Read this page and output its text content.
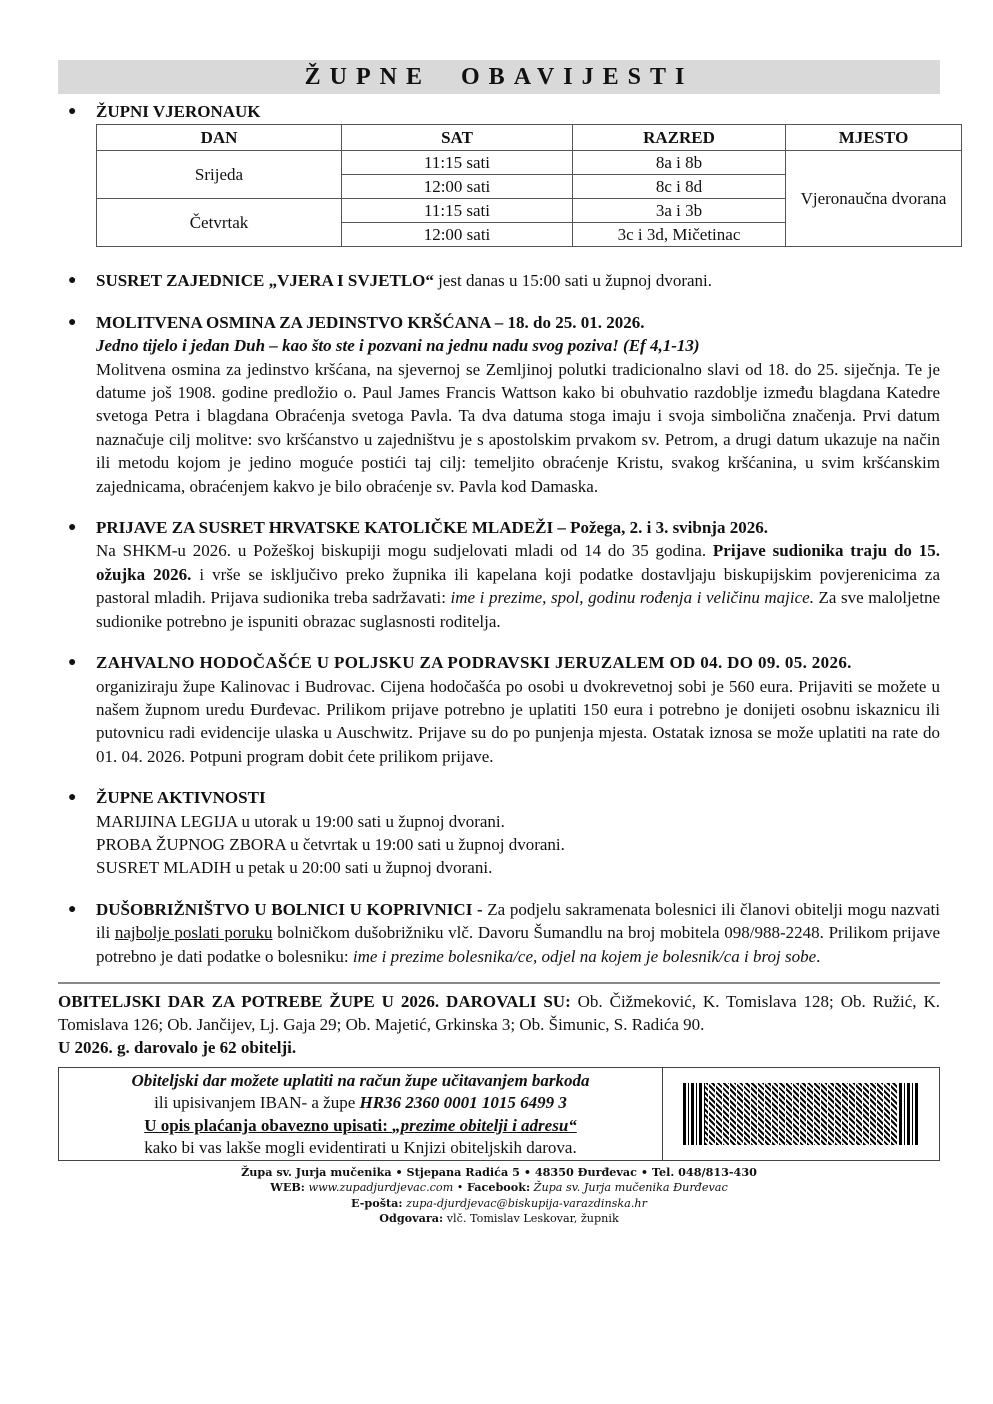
ŽUPNE OBAVIJESTI
● ŽUPNI VJERONAUK
DAN	SAT	RAZRED	MJESTO
Srijeda	11:15 sati	8a i 8b	Vjeronaučna dvorana
	12:00 sati	8c i 8d	
Četvrtak	11:15 sati	3a i 3b	
	12:00 sati	3c i 3d, Mičetinac	
● SUSRET ZAJEDNICE „VJERA I SVJETLO“ jest danas u 15:00 sati u župnoj dvorani.
● MOLITVENA OSMINA ZA JEDINSTVO KRŠĆANA – 18. do 25. 01. 2026.
Jedno tijelo i jedan Duh – kao što ste i pozvani na jednu nadu svog poziva! (Ef 4,1-13)
Molitvena osmina za jedinstvo kršćana, na sjevernoj se Zemljinoj polutki tradicionalno slavi od 18. do 25. siječnja. Te je datume još 1908. godine predložio o. Paul James Francis Wattson kako bi obuhvatio razdoblje između blagdana Katedre svetoga Petra i blagdana Obraćenja svetoga Pavla. Ta dva datuma stoga imaju i svoja simbolična značenja. Prvi datum naznačuje cilj molitve: svo kršćanstvo u zajedništvu je s apostolskim prvakom sv. Petrom, a drugi datum ukazuje na način ili metodu kojom je jedino moguće postići taj cilj: temeljito obraćenje Kristu, svakog kršćanina, u svim kršćanskim zajednicama, obraćenjem kakvo je bilo obraćenje sv. Pavla kod Damaska.
● PRIJAVE ZA SUSRET HRVATSKE KATOLIČKE MLADEŽI – Požega, 2. i 3. svibnja 2026.
Na SHKM-u 2026. u Požeškoj biskupiji mogu sudjelovati mladi od 14 do 35 godina. Prijave sudionika traju do 15. ožujka 2026. i vrše se isključivo preko župnika ili kapelana koji podatke dostavljaju biskupijskim povjerenicima za pastoral mladih. Prijava sudionika treba sadržavati: ime i prezime, spol, godinu rođenja i veličinu majice. Za sve maloljetne sudionike potrebno je ispuniti obrazac suglasnosti roditelja.
● ZAHVALNO HODOČAŠĆE U POLJSKU ZA PODRAVSKI JERUZALEM OD 04. DO 09. 05. 2026.
organiziraju župe Kalinovac i Budrovac. Cijena hodočašća po osobi u dvokrevetnoj sobi je 560 eura. Prijaviti se možete u našem župnom uredu Đurđevac. Prilikom prijave potrebno je uplatiti 150 eura i potrebno je donijeti osobnu iskaznicu ili putovnicu radi evidencije ulaska u Auschwitz. Prijave su do po punjenja mjesta. Ostatak iznosa se može uplatiti na rate do 01. 04. 2026. Potpuni program dobit ćete prilikom prijave.
● ŽUPNE AKTIVNOSTI
MARIJINA LEGIJA u utorak u 19:00 sati u župnoj dvorani.
PROBA ŽUPNOG ZBORA u četvrtak u 19:00 sati u župnoj dvorani.
SUSRET MLADIH u petak u 20:00 sati u župnoj dvorani.
● DUŠOBRIŽNIŠTVO U BOLNICI U KOPRIVNICI - Za podjelu sakramenata bolesnici ili članovi obitelji mogu nazvati ili najbolje poslati poruku bolničkom dušobrižniku vlč. Davoru Šumandlu na broj mobitela 098/988-2248. Prilikom prijave potrebno je dati podatke o bolesniku: ime i prezime bolesnika/ce, odjel na kojem je bolesnik/ca i broj sobe.
OBITELJSKI DAR ZA POTREBE ŽUPE U 2026. DAROVALI SU: Ob. Čižmeković, K. Tomislava 128; Ob. Ružić, K. Tomislava 126; Ob. Jančijev, Lj. Gaja 29; Ob. Majetić, Grkinska 3; Ob. Šimunic, S. Radića 90.
U 2026. g. darovalo je 62 obitelji.
Obiteljski dar možete uplatiti na račun župe učitavanjem barkoda
ili upisivanjem IBAN- a župe HR36 2360 0001 1015 6499 3
U opis plaćanja obavezno upisati: „prezime obitelji i adresu“
kako bi vas lakše mogli evidentirati u Knjizi obiteljskih darova.
Župa sv. Jurja mučenika • Stjepana Radića 5 • 48350 Đurđevac • Tel. 048/813-430
WEB: www.zupadjurdjevac.com • Facebook: Župa sv. Jurja mučenika Đurđevac
E-pošta: zupa-djurdjevac@biskupija-varazdinska.hr
Odgovara: vlč. Tomislav Leskovar, župnik
